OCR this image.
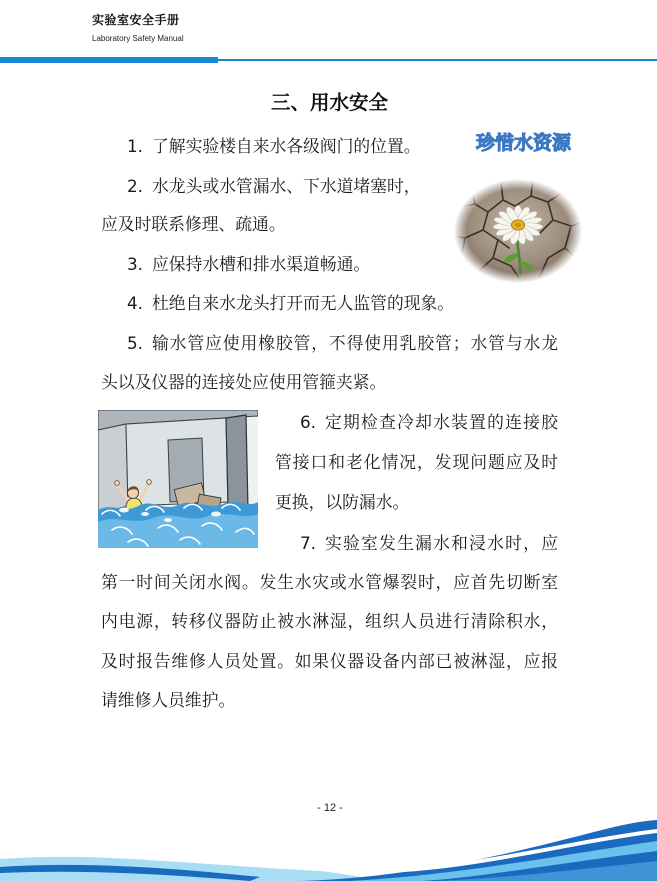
实验室安全手册
Laboratory Safety Manual
三、用水安全
1. 了解实验楼自来水各级阀门的位置。
2. 水龙头或水管漏水、下水道堵塞时，
应及时联系修理、疏通。
3. 应保持水槽和排水渠道畅通。
4. 杜绝自来水龙头打开而无人监管的现象。
5. 输水管应使用橡胶管，不得使用乳胶管；水管与水龙
头以及仪器的连接处应使用管箍夹紧。
6. 定期检查冷却水装置的连接胶
管接口和老化情况，发现问题应及时
更换，以防漏水。
7. 实验室发生漏水和浸水时，应
第一时间关闭水阀。发生水灾或水管爆裂时，应首先切断室
内电源，转移仪器防止被水淋湿，组织人员进行清除积水，
及时报告维修人员处置。如果仪器设备内部已被淋湿，应报
请维修人员维护。
珍惜水资源
- 12 -
